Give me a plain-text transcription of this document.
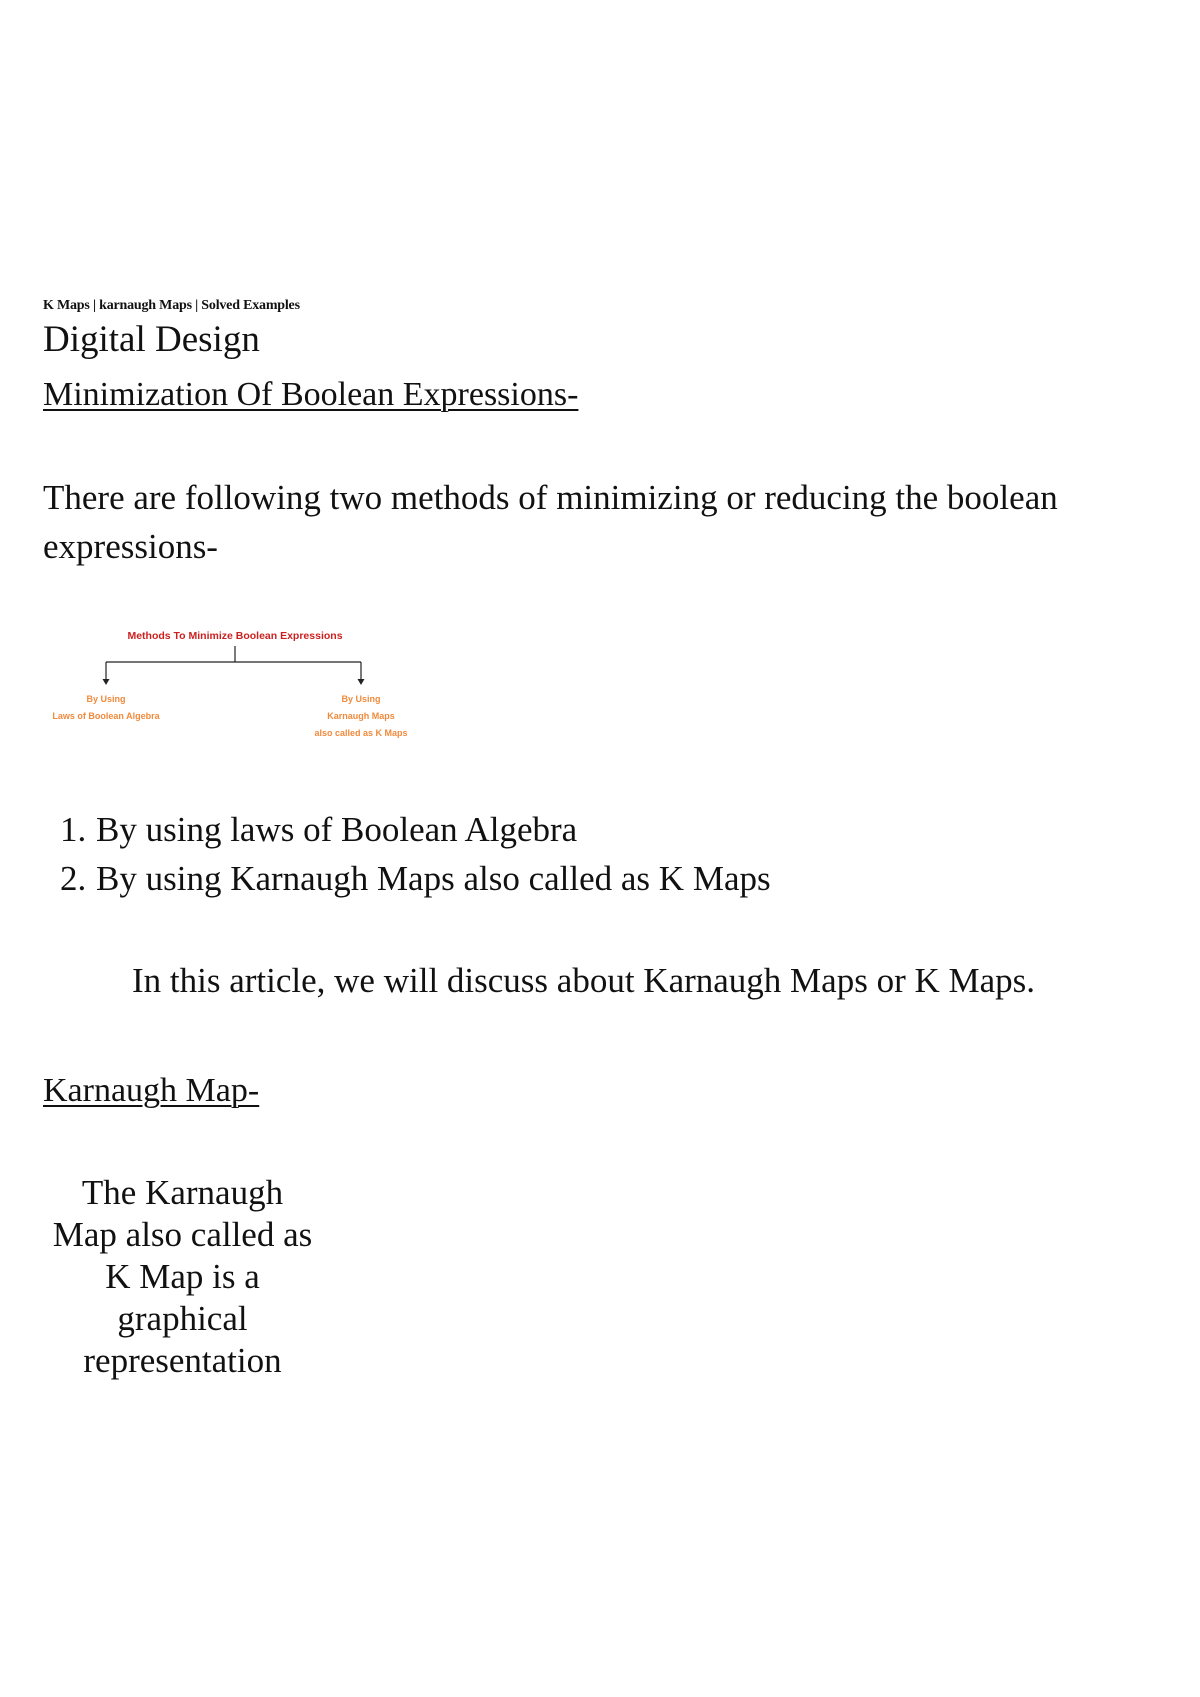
K Maps | karnaugh Maps | Solved Examples
Digital Design
Minimization Of Boolean Expressions-
There are following two methods of minimizing or reducing the boolean expressions-
Methods To Minimize Boolean Expressions
By Using
Laws of Boolean Algebra
By Using
Karnaugh Maps
also called as K Maps
1. By using laws of Boolean Algebra
2. By using Karnaugh Maps also called as K Maps
In this article, we will discuss about Karnaugh Maps or K Maps.
Karnaugh Map-
The Karnaugh
Map also called as
K Map is a
graphical
representation
